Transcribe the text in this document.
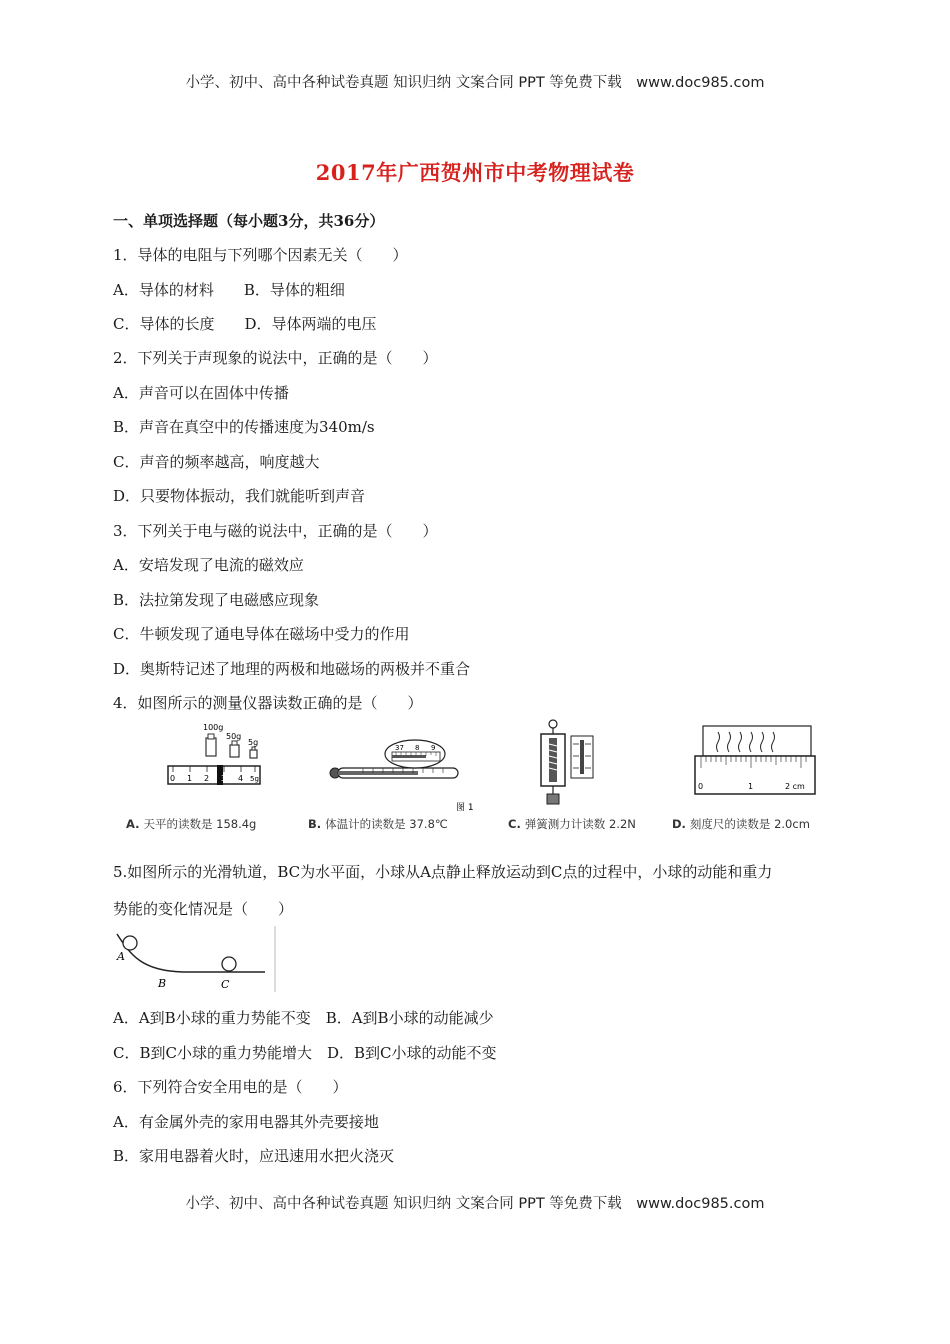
小学、初中、高中各种试卷真题 知识归纳 文案合同 PPT 等免费下载　www.doc985.com
2017年广西贺州市中考物理试卷
一、单项选择题（每小题3分，共36分）
1．导体的电阻与下列哪个因素无关（　　）
A．导体的材料　　B．导体的粗细
C．导体的长度　　D．导体两端的电压
2．下列关于声现象的说法中，正确的是（　　）
A．声音可以在固体中传播
B．声音在真空中的传播速度为340m/s
C．声音的频率越高，响度越大
D．只要物体振动，我们就能听到声音
3．下列关于电与磁的说法中，正确的是（　　）
A．安培发现了电流的磁效应
B．法拉第发现了电磁感应现象
C．牛顿发现了通电导体在磁场中受力的作用
D．奥斯特记述了地理的两极和地磁场的两极并不重合
4．如图所示的测量仪器读数正确的是（　　）
100g
50g
5g
0 1 2 3 4 5g
37 8 9
图 1
0	1	2 cm
A. 天平的读数是 158.4g	B. 体温计的读数是 37.8℃	C. 弹簧测力计读数 2.2N	D. 刻度尺的读数是 2.0cm
5.如图所示的光滑轨道，BC为水平面，小球从A点静止释放运动到C点的过程中，小球的动能和重力
势能的变化情况是（　　）
A
B	C
A．A到B小球的重力势能不变　B．A到B小球的动能减少
C．B到C小球的重力势能增大　D．B到C小球的动能不变
6．下列符合安全用电的是（　　）
A．有金属外壳的家用电器其外壳要接地
B．家用电器着火时，应迅速用水把火浇灭
小学、初中、高中各种试卷真题 知识归纳 文案合同 PPT 等免费下载　www.doc985.com
